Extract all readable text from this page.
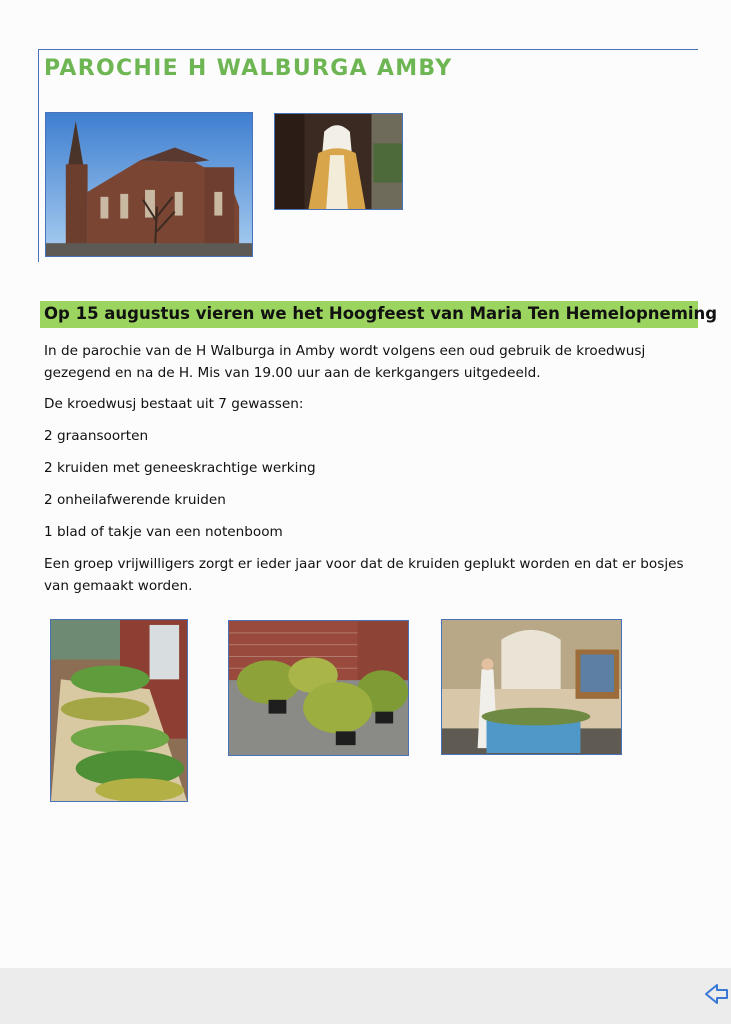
PAROCHIE H WALBURGA AMBY
Op 15 augustus vieren we het Hoogfeest van Maria Ten Hemelopneming

In de parochie van de H Walburga in Amby wordt volgens een oud gebruik de kroedwusj gezegend en na de H. Mis van 19.00 uur aan de kerkgangers uitgedeeld.

De kroedwusj bestaat uit 7 gewassen:

2 graansoorten

2 kruiden met geneeskrachtige werking

2 onheilafwerende kruiden

1 blad of takje van een notenboom

Een groep vrijwilligers zorgt er ieder jaar voor dat de kruiden geplukt worden en dat er bosjes van gemaakt worden.
